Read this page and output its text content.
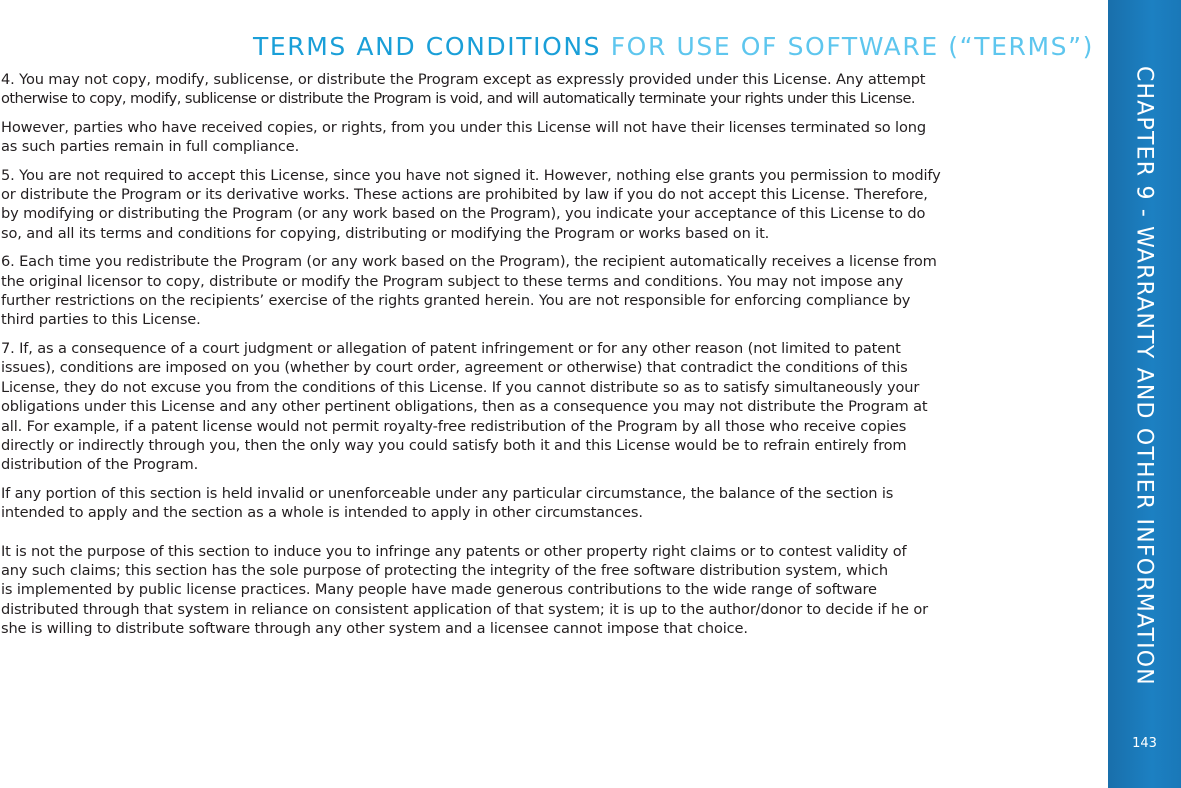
TERMS AND CONDITIONS FOR USE OF SOFTWARE (“TERMS”)

4. You may not copy, modify, sublicense, or distribute the Program except as expressly provided under this License. Any attempt
otherwise to copy, modify, sublicense or distribute the Program is void, and will automatically terminate your rights under this License.

However, parties who have received copies, or rights, from you under this License will not have their licenses terminated so long
as such parties remain in full compliance.

5. You are not required to accept this License, since you have not signed it. However, nothing else grants you permission to modify
or distribute the Program or its derivative works. These actions are prohibited by law if you do not accept this License. Therefore,
by modifying or distributing the Program (or any work based on the Program), you indicate your acceptance of this License to do
so, and all its terms and conditions for copying, distributing or modifying the Program or works based on it.

6. Each time you redistribute the Program (or any work based on the Program), the recipient automatically receives a license from
the original licensor to copy, distribute or modify the Program subject to these terms and conditions. You may not impose any
further restrictions on the recipients’ exercise of the rights granted herein. You are not responsible for enforcing compliance by
third parties to this License.

7. If, as a consequence of a court judgment or allegation of patent infringement or for any other reason (not limited to patent
issues), conditions are imposed on you (whether by court order, agreement or otherwise) that contradict the conditions of this
License, they do not excuse you from the conditions of this License. If you cannot distribute so as to satisfy simultaneously your
obligations under this License and any other pertinent obligations, then as a consequence you may not distribute the Program at
all. For example, if a patent license would not permit royalty-free redistribution of the Program by all those who receive copies
directly or indirectly through you, then the only way you could satisfy both it and this License would be to refrain entirely from
distribution of the Program.

If any portion of this section is held invalid or unenforceable under any particular circumstance, the balance of the section is
intended to apply and the section as a whole is intended to apply in other circumstances.

It is not the purpose of this section to induce you to infringe any patents or other property right claims or to contest validity of
any such claims; this section has the sole purpose of protecting the integrity of the free software distribution system, which
is implemented by public license practices. Many people have made generous contributions to the wide range of software
distributed through that system in reliance on consistent application of that system; it is up to the author/donor to decide if he or
she is willing to distribute software through any other system and a licensee cannot impose that choice.	CHAPTER 9 - WARRANTY AND OTHER INFORMATION
143
